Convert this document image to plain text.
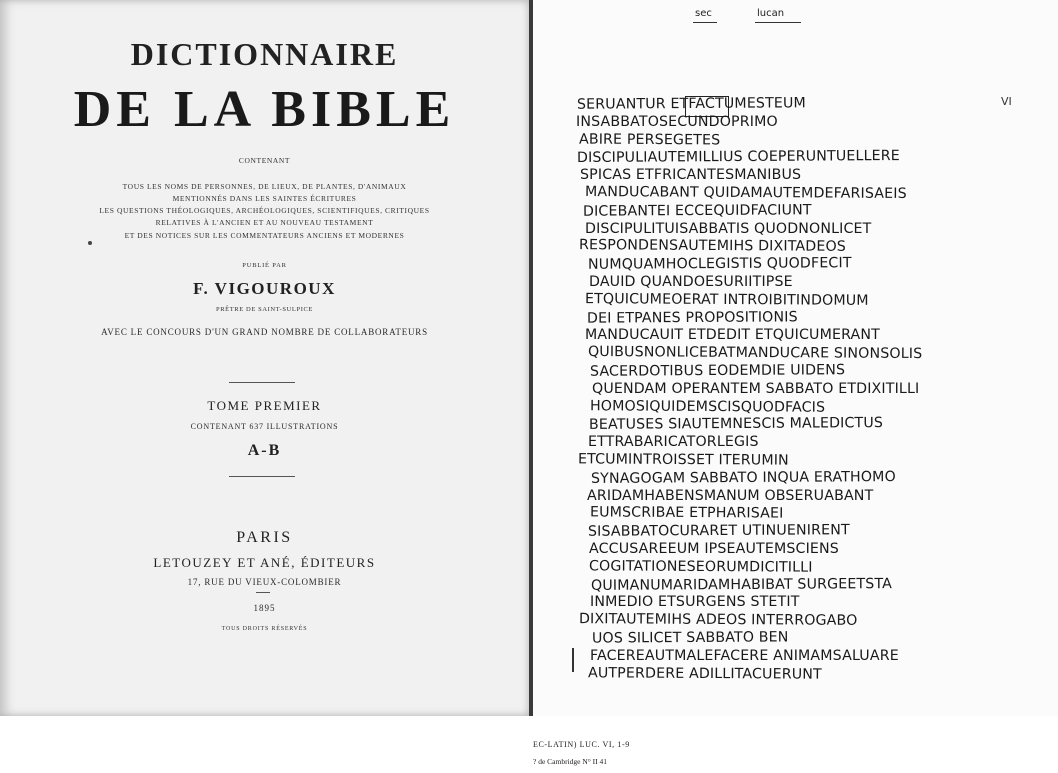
DICTIONNAIRE
DE LA BIBLE
CONTENANT
TOUS LES NOMS DE PERSONNES, DE LIEUX, DE PLANTES, D'ANIMAUX
MENTIONNÉS DANS LES SAINTES ÉCRITURES
LES QUESTIONS THÉOLOGIQUES, ARCHÉOLOGIQUES, SCIENTIFIQUES, CRITIQUES
RELATIVES À L'ANCIEN ET AU NOUVEAU TESTAMENT
ET DES NOTICES SUR LES COMMENTATEURS ANCIENS ET MODERNES
PUBLIÉ PAR
F. VIGOUROUX
PRÊTRE DE SAINT-SULPICE
AVEC LE CONCOURS D'UN GRAND NOMBRE DE COLLABORATEURS
TOME PREMIER
CONTENANT 637 ILLUSTRATIONS
A-B
PARIS
LETOUZEY ET ANÉ, ÉDITEURS
17, RUE DU VIEUX-COLOMBIER
1895
TOUS DROITS RÉSERVÉS
sec	lucan
VI
SERUANTUR ETFACTUMESTEUM
INSABBATOSECUNDOPRIMO
ABIRE PERSEGETES
DISCIPULIAUTEMILLIUS COEPERUNTUELLERE
SPICAS ETFRICANTESMANIBUS
MANDUCABANT QUIDAMAUTEMDEFARISAEIS
DICEBANTEI ECCEQUIDFACIUNT
DISCIPULITUISABBATIS QUODNONLICET
RESPONDENSAUTEMIHS DIXITADEOS
NUMQUAMHOCLEGISTIS QUODFECIT
DAUID QUANDOESURIITIPSE
ETQUICUMEOERAT INTROIBITINDOMUM
DEI ETPANES PROPOSITIONIS
MANDUCAUIT ETDEDIT ETQUICUMERANT
QUIBUSNONLICEBATMANDUCARE SINONSOLIS
SACERDOTIBUS EODEMDIE UIDENS
QUENDAM OPERANTEM SABBATO ETDIXITILLI
HOMOSIQUIDEMSCISQUODFACIS
BEATUSES SIAUTEMNESCIS MALEDICTUS
ETTRABARICATORLEGIS
ETCUMINTROISSET ITERUMIN
SYNAGOGAM SABBATO INQUA ERATHOMO
ARIDAMHABENSMANUM OBSERUABANT
EUMSCRIBAE ETPHARISAEI
SISABBATOCURARET UTINUENIRENT
ACCUSAREEUM IPSEAUTEMSCIENS
COGITATIONESEORUMDICITILLI
QUIMANUMARIDAMHABIBAT SURGEETSTA
INMEDIO ETSURGENS STETIT
DIXITAUTEMIHS ADEOS INTERROGABO
UOS SILICET SABBATO BEN
FACEREAUTMALEFACERE ANIMAMSALUARE
AUTPERDERE ADILLITACUERUNT
EC-LATIN) LUC. VI, 1-9
? de Cambridge N° II 41
